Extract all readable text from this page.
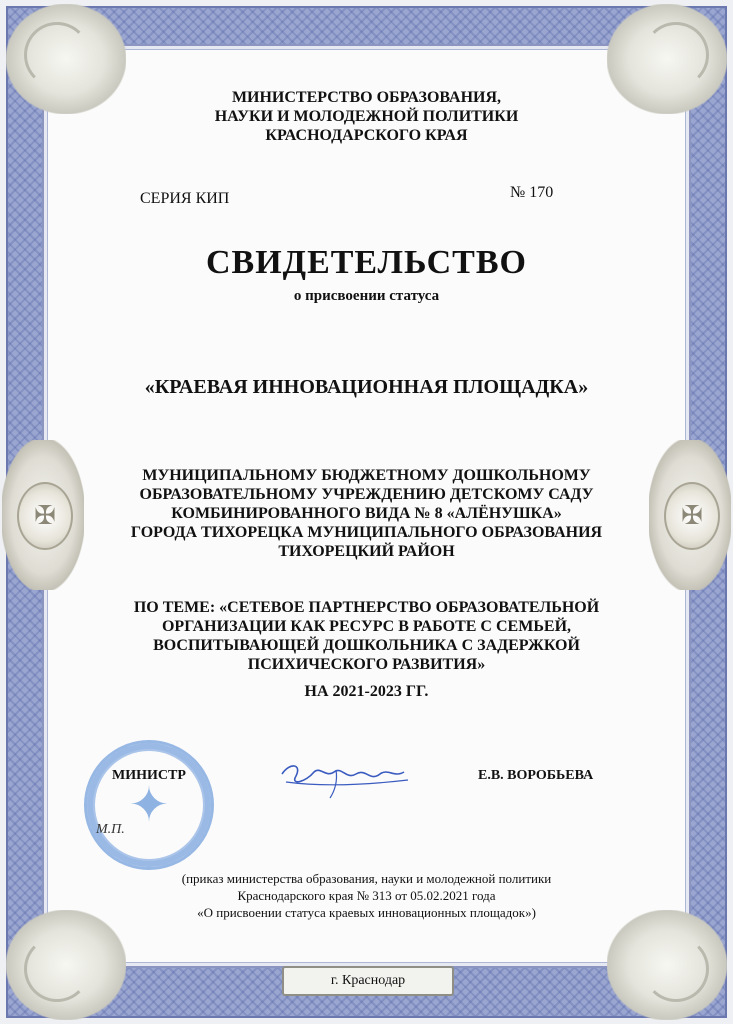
✠	✠
МИНИСТЕРСТВО ОБРАЗОВАНИЯ,
НАУКИ И МОЛОДЕЖНОЙ ПОЛИТИКИ
КРАСНОДАРСКОГО КРАЯ
СЕРИЯ КИП	№ 170
СВИДЕТЕЛЬСТВО
о присвоении статуса
«КРАЕВАЯ ИННОВАЦИОННАЯ ПЛОЩАДКА»
МУНИЦИПАЛЬНОМУ БЮДЖЕТНОМУ ДОШКОЛЬНОМУ
ОБРАЗОВАТЕЛЬНОМУ УЧРЕЖДЕНИЮ ДЕТСКОМУ САДУ
КОМБИНИРОВАННОГО ВИДА № 8 «АЛЁНУШКА»
ГОРОДА ТИХОРЕЦКА МУНИЦИПАЛЬНОГО ОБРАЗОВАНИЯ
ТИХОРЕЦКИЙ РАЙОН
ПО ТЕМЕ: «СЕТЕВОЕ ПАРТНЕРСТВО ОБРАЗОВАТЕЛЬНОЙ
ОРГАНИЗАЦИИ КАК РЕСУРС В РАБОТЕ С СЕМЬЕЙ,
ВОСПИТЫВАЮЩЕЙ ДОШКОЛЬНИКА С ЗАДЕРЖКОЙ
ПСИХИЧЕСКОГО РАЗВИТИЯ»
НА 2021-2023 ГГ.
✦
МИНИСТР
М.П.
Е.В. ВОРОБЬЕВА
(приказ министерства образования, науки и молодежной политики
Краснодарского края № 313 от 05.02.2021 года
«О присвоении статуса краевых инновационных площадок»)
г. Краснодар
